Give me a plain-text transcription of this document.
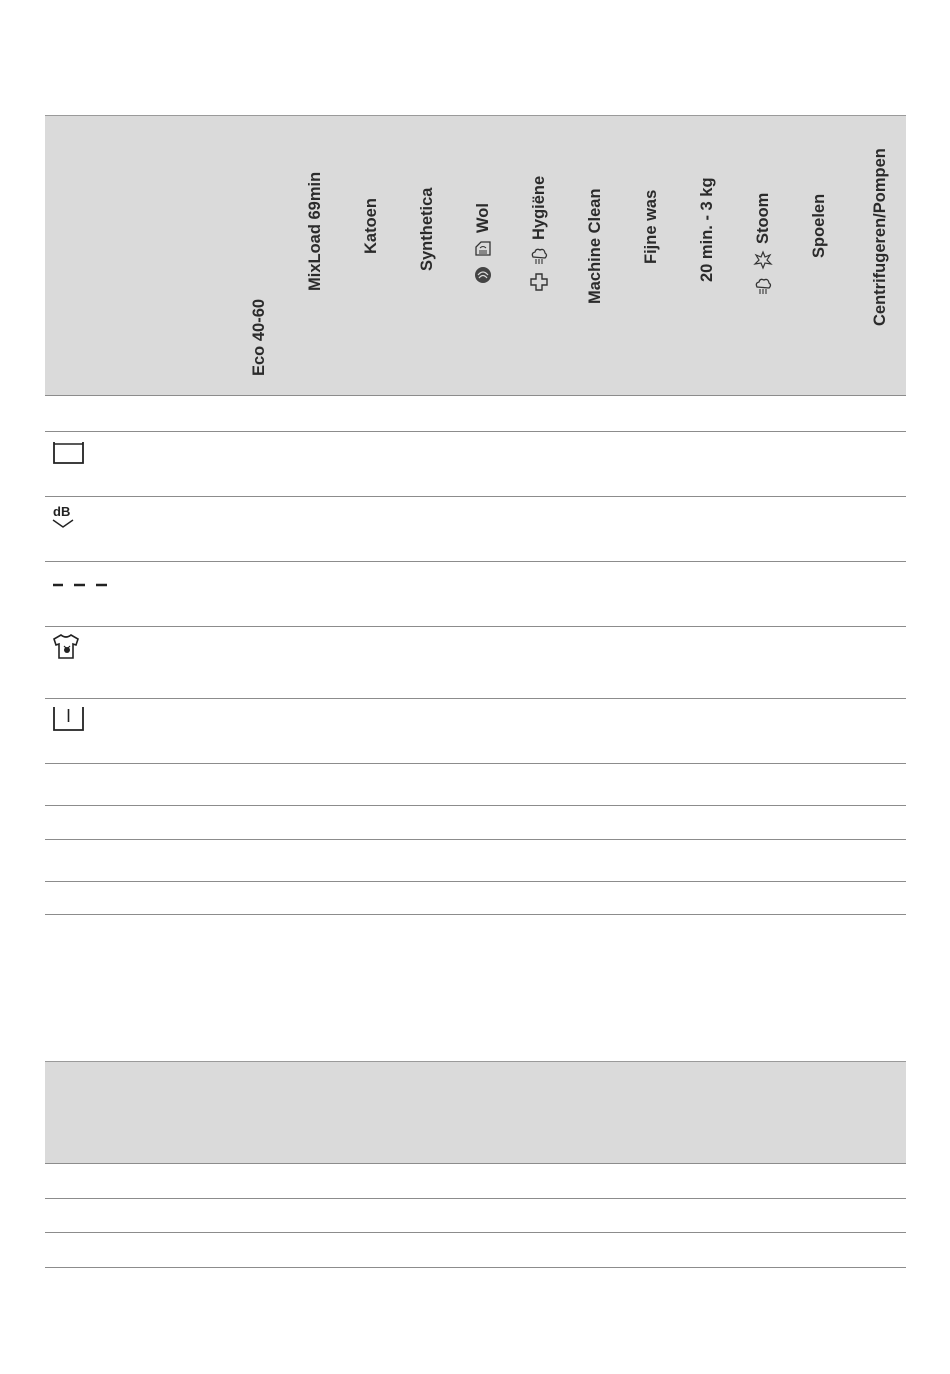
Eco 40-60
MixLoad 69min Katoen Synthetica Wol Hygiëne Machine Clean Fijne was 20 min. - 3 kg Stoom Spoelen	Centrifugeren/Pompen
dB
